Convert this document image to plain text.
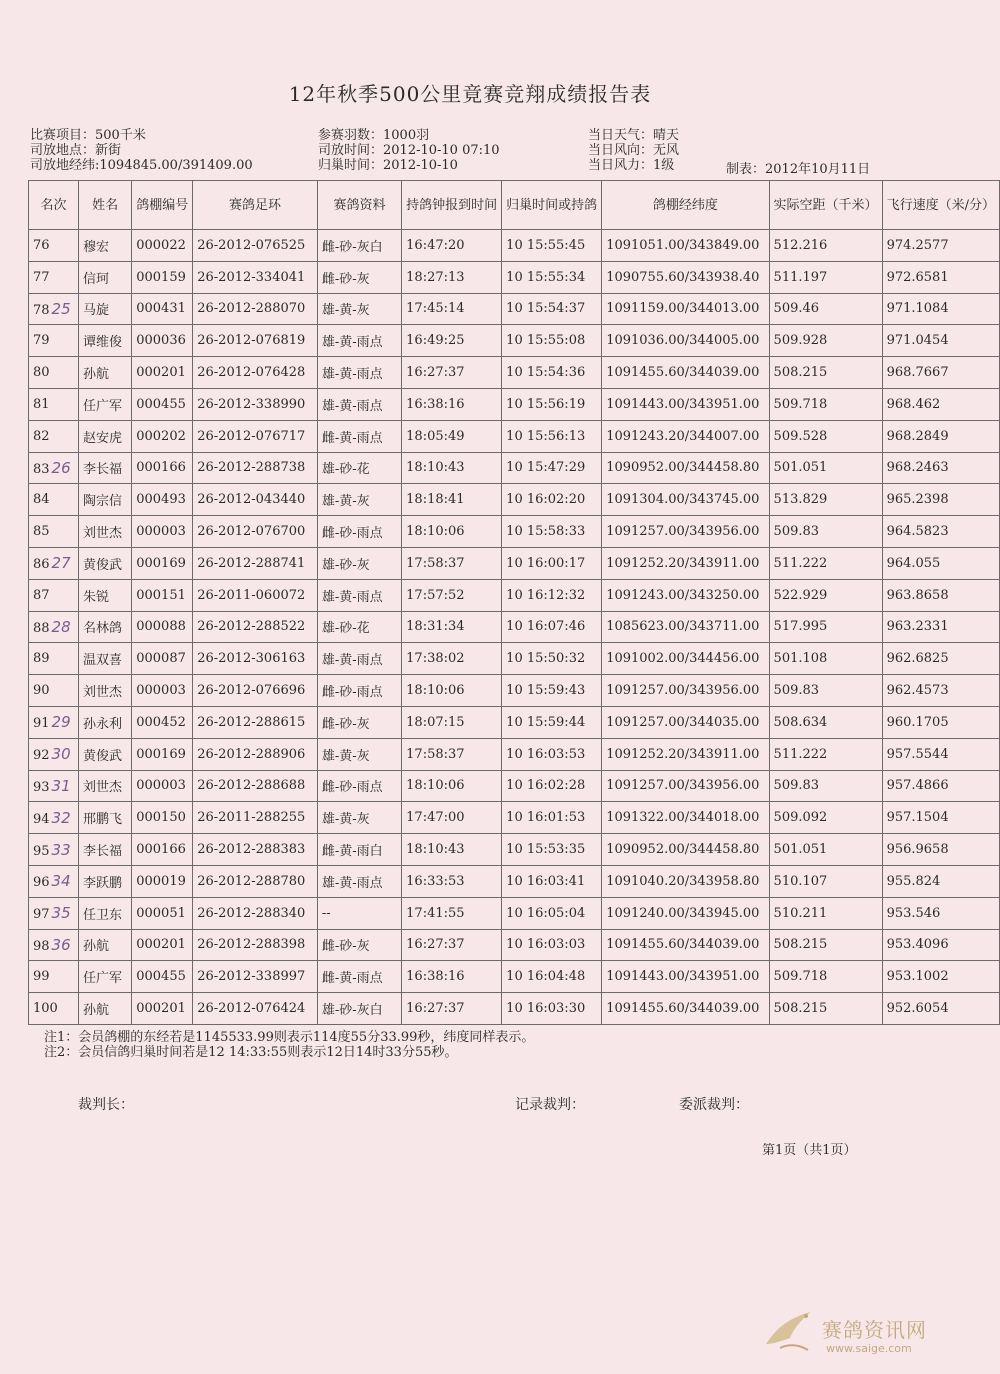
12年秋季500公里竟赛竞翔成绩报告表
比赛项目：500千米
司放地点：新街
司放地经纬:1094845.00/391409.00
参赛羽数：1000羽
司放时间：2012-10-10 07:10
归巢时间：2012-10-10
当日天气：晴天
当日风向：无风
当日风力：1级	制表：2012年10月11日
名次	姓名	鸽棚编号	赛鸽足环	赛鸽资料	持鸽钟报到时间	归巢时间或持鸽	鸽棚经纬度	实际空距（千米）	飞行速度（米/分）
76	穆宏	000022	26-2012-076525	雌-砂-灰白	16:47:20	10 15:55:45	1091051.00/343849.00	512.216	974.2577
77	信珂	000159	26-2012-334041	雌-砂-灰	18:27:13	10 15:55:34	1090755.60/343938.40	511.197	972.6581
78 25	马旋	000431	26-2012-288070	雄-黄-灰	17:45:14	10 15:54:37	1091159.00/344013.00	509.46	971.1084
79	谭维俊	000036	26-2012-076819	雄-黄-雨点	16:49:25	10 15:55:08	1091036.00/344005.00	509.928	971.0454
80	孙航	000201	26-2012-076428	雄-黄-雨点	16:27:37	10 15:54:36	1091455.60/344039.00	508.215	968.7667
81	任广军	000455	26-2012-338990	雄-黄-雨点	16:38:16	10 15:56:19	1091443.00/343951.00	509.718	968.462
82	赵安虎	000202	26-2012-076717	雌-黄-雨点	18:05:49	10 15:56:13	1091243.20/344007.00	509.528	968.2849
83 26	李长福	000166	26-2012-288738	雄-砂-花	18:10:43	10 15:47:29	1090952.00/344458.80	501.051	968.2463
84	陶宗信	000493	26-2012-043440	雄-黄-灰	18:18:41	10 16:02:20	1091304.00/343745.00	513.829	965.2398
85	刘世杰	000003	26-2012-076700	雌-砂-雨点	18:10:06	10 15:58:33	1091257.00/343956.00	509.83	964.5823
86 27	黄俊武	000169	26-2012-288741	雄-砂-灰	17:58:37	10 16:00:17	1091252.20/343911.00	511.222	964.055
87	朱锐	000151	26-2011-060072	雄-黄-雨点	17:57:52	10 16:12:32	1091243.00/343250.00	522.929	963.8658
88 28	名林鸽	000088	26-2012-288522	雄-砂-花	18:31:34	10 16:07:46	1085623.00/343711.00	517.995	963.2331
89	温双喜	000087	26-2012-306163	雄-黄-雨点	17:38:02	10 15:50:32	1091002.00/344456.00	501.108	962.6825
90	刘世杰	000003	26-2012-076696	雌-砂-雨点	18:10:06	10 15:59:43	1091257.00/343956.00	509.83	962.4573
91 29	孙永利	000452	26-2012-288615	雌-砂-灰	18:07:15	10 15:59:44	1091257.00/344035.00	508.634	960.1705
92 30	黄俊武	000169	26-2012-288906	雄-黄-灰	17:58:37	10 16:03:53	1091252.20/343911.00	511.222	957.5544
93 31	刘世杰	000003	26-2012-288688	雌-砂-雨点	18:10:06	10 16:02:28	1091257.00/343956.00	509.83	957.4866
94 32	邢鹏飞	000150	26-2011-288255	雄-黄-灰	17:47:00	10 16:01:53	1091322.00/344018.00	509.092	957.1504
95 33	李长福	000166	26-2012-288383	雌-黄-雨白	18:10:43	10 15:53:35	1090952.00/344458.80	501.051	956.9658
96 34	李跃鹏	000019	26-2012-288780	雄-黄-雨点	16:33:53	10 16:03:41	1091040.20/343958.80	510.107	955.824
97 35	任卫东	000051	26-2012-288340	--	17:41:55	10 16:05:04	1091240.00/343945.00	510.211	953.546
98 36	孙航	000201	26-2012-288398	雌-砂-灰	16:27:37	10 16:03:03	1091455.60/344039.00	508.215	953.4096
99	任广军	000455	26-2012-338997	雌-黄-雨点	16:38:16	10 16:04:48	1091443.00/343951.00	509.718	953.1002
100	孙航	000201	26-2012-076424	雄-砂-灰白	16:27:37	10 16:03:30	1091455.60/344039.00	508.215	952.6054
注1：会员鸽棚的东经若是1145533.99则表示114度55分33.99秒，纬度同样表示。
注2：会员信鸽归巢时间若是12 14:33:55则表示12日14时33分55秒。
裁判长：	记录裁判：	委派裁判：
第1页（共1页）
赛鸽资讯网
www.saige.com
